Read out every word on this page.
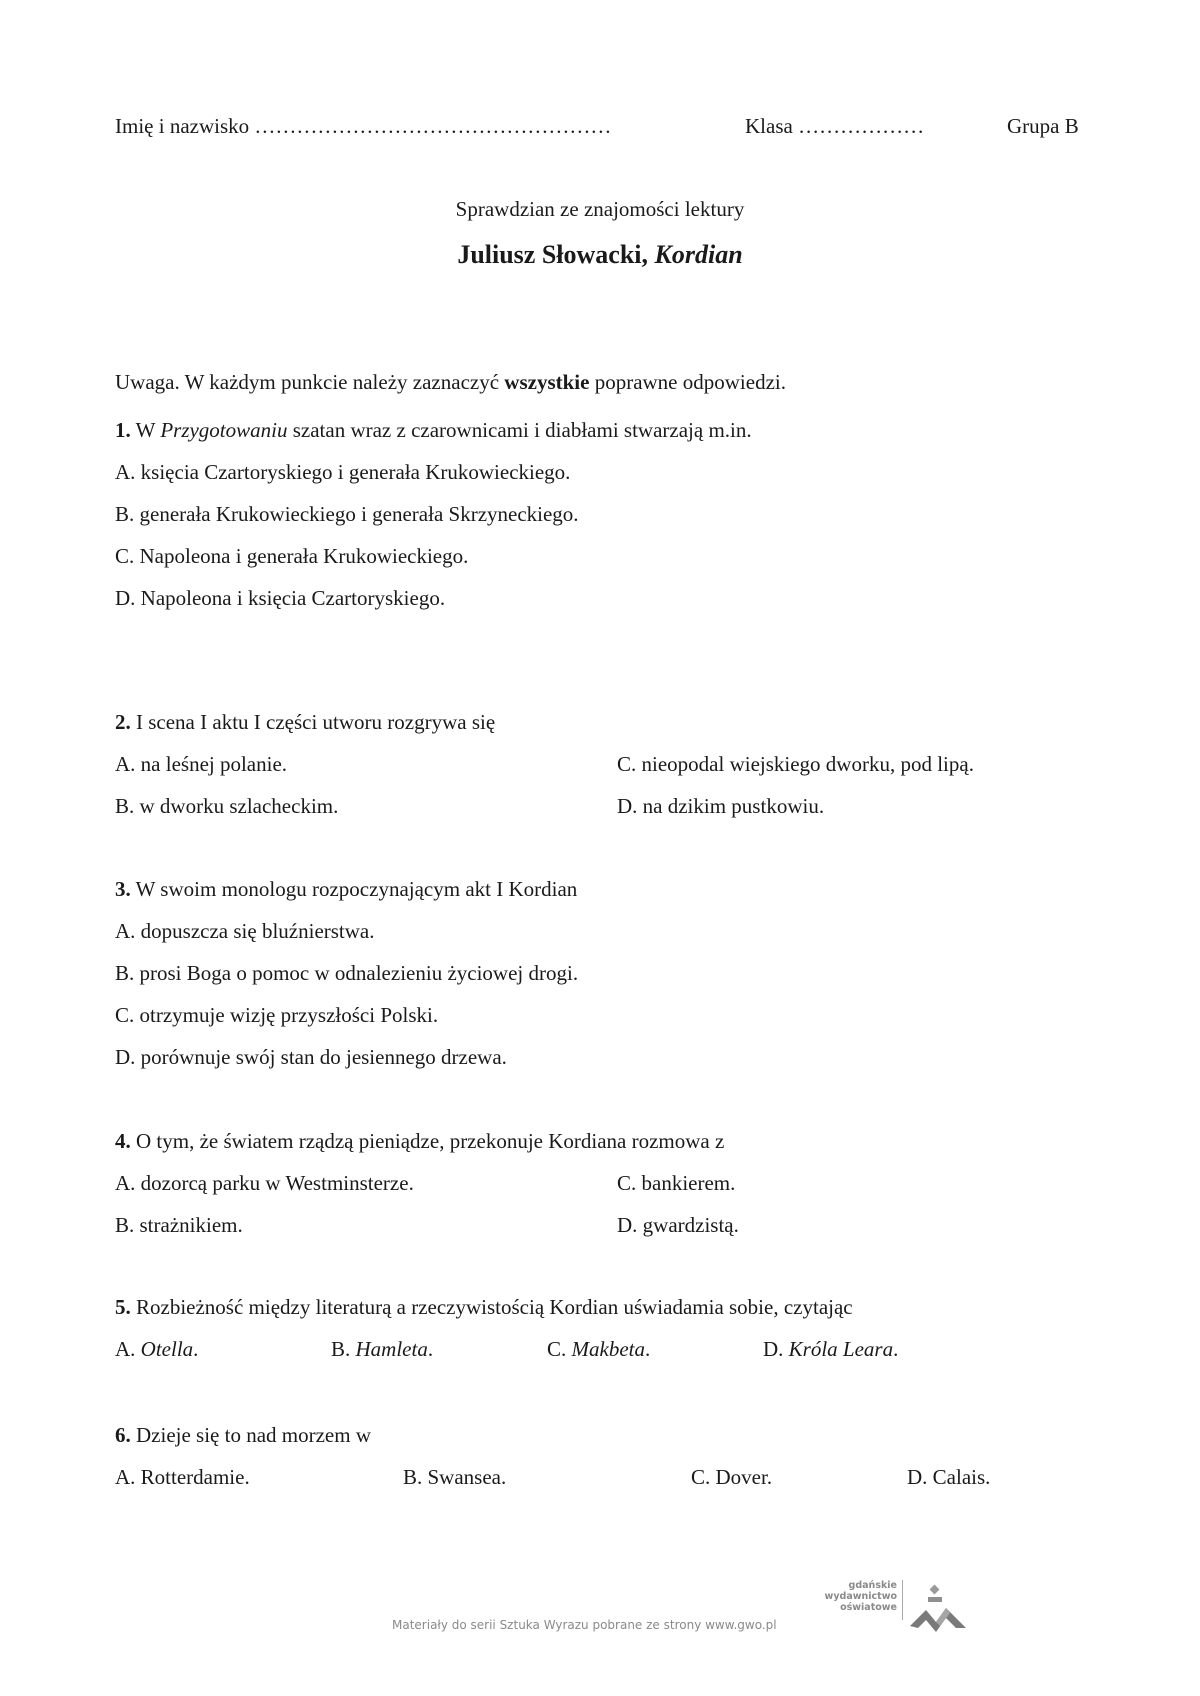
Imię i nazwisko ……………………………………………	Klasa ………………	Grupa B
Sprawdzian ze znajomości lektury
Juliusz Słowacki, Kordian
Uwaga. W każdym punkcie należy zaznaczyć wszystkie poprawne odpowiedzi.
1. W Przygotowaniu szatan wraz z czarownicami i diabłami stwarzają m.in.
A. księcia Czartoryskiego i generała Krukowieckiego.
B. generała Krukowieckiego i generała Skrzyneckiego.
C. Napoleona i generała Krukowieckiego.
D. Napoleona i księcia Czartoryskiego.
2. I scena I aktu I części utworu rozgrywa się
A. na leśnej polanie.	C. nieopodal wiejskiego dworku, pod lipą.
B. w dworku szlacheckim.	D. na dzikim pustkowiu.
3. W swoim monologu rozpoczynającym akt I Kordian
A. dopuszcza się bluźnierstwa.
B. prosi Boga o pomoc w odnalezieniu życiowej drogi.
C. otrzymuje wizję przyszłości Polski.
D. porównuje swój stan do jesiennego drzewa.
4. O tym, że światem rządzą pieniądze, przekonuje Kordiana rozmowa z
A. dozorcą parku w Westminsterze.	C. bankierem.
B. strażnikiem.	D. gwardzistą.
5. Rozbieżność między literaturą a rzeczywistością Kordian uświadamia sobie, czytając
A. Otella.	B. Hamleta.	C. Makbeta.	D. Króla Leara.
6. Dzieje się to nad morzem w
A. Rotterdamie.	B. Swansea.	C. Dover.	D. Calais.
Materiały do serii Sztuka Wyrazu pobrane ze strony www.gwo.pl
gdańskie
wydawnictwo
oświatowe
